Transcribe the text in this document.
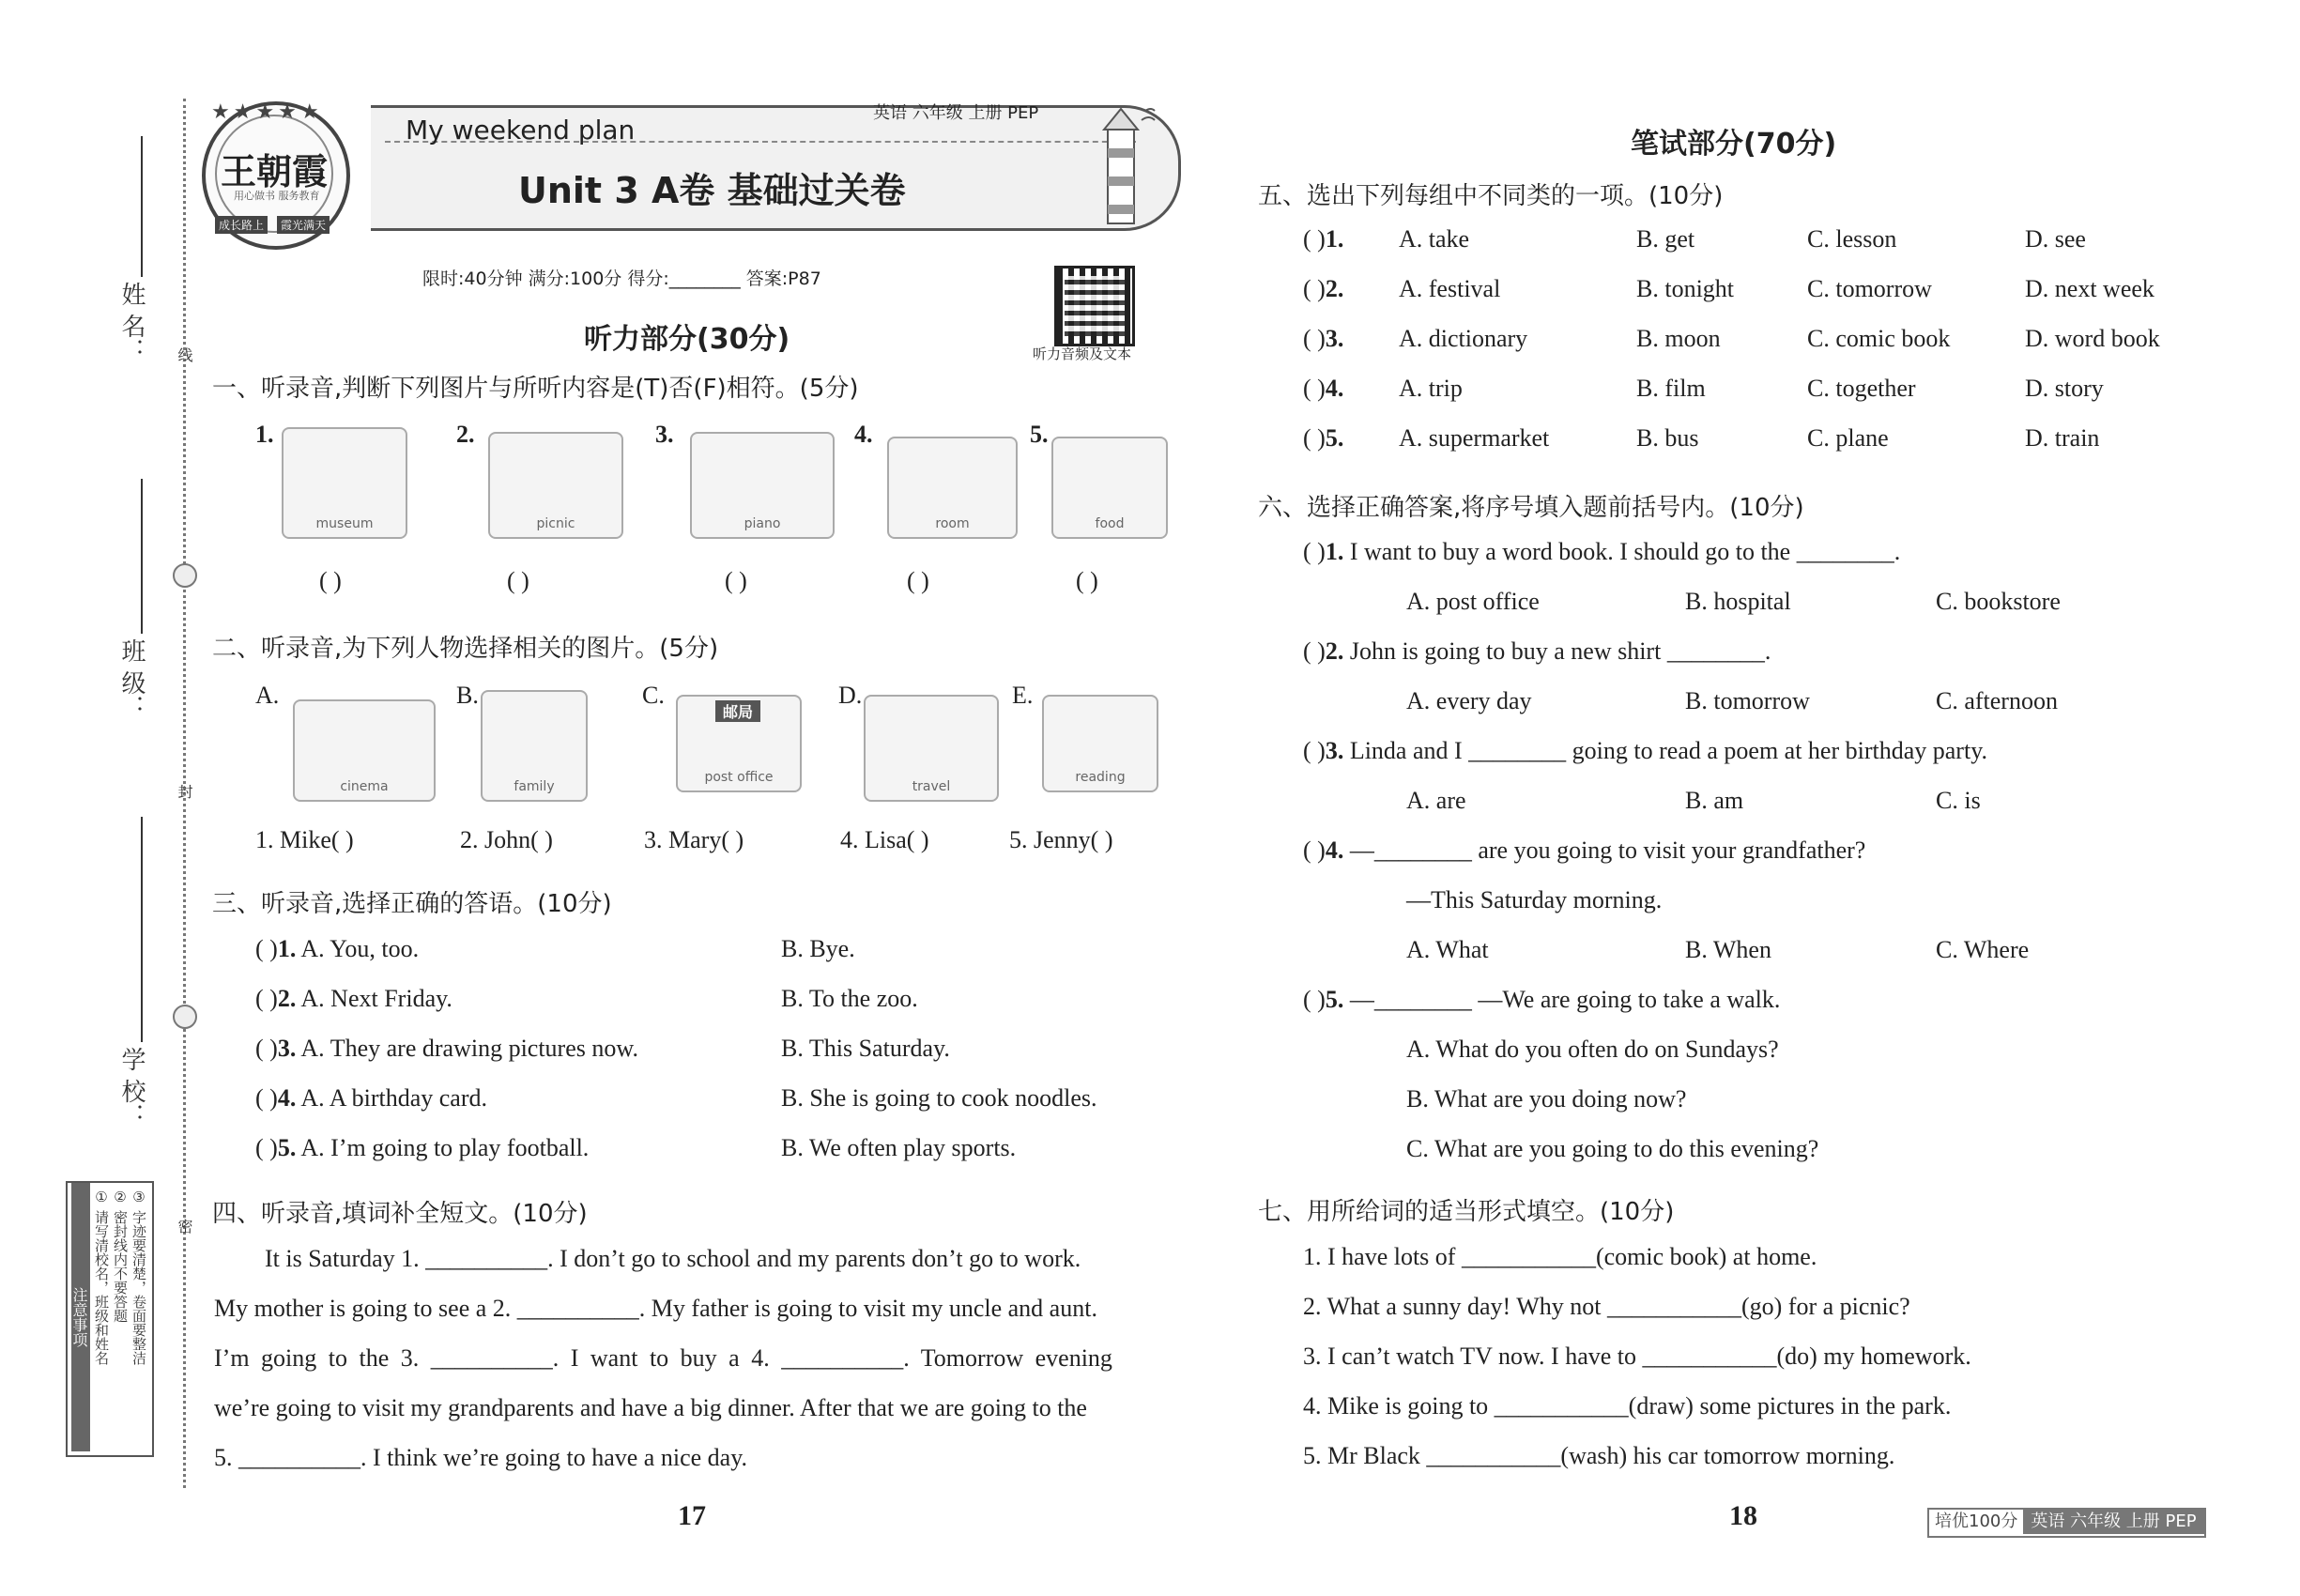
姓 名：
班 级：
学 校：
线
封
密
注意事项 ① 请写清校名，班级和姓名 ② 密封线内不要答题 ③ 字迹要清楚，卷面要整洁
★★★★★
王朝霞
用心做书 服务教育
成长路上	霞光满天
My weekend plan
英语 六年级 上册 PEP
Unit 3 A卷 基础过关卷
限时:40分钟 满分:100分 得分:________ 答案:P87
听力音频及文本
听力部分(30分)
一、听录音,判断下列图片与所听内容是(T)否(F)相符。(5分)
1.	2.	3.	4.	5.
museum	picnic	piano	room	food
( )	( )	( )	( )	( )
二、听录音,为下列人物选择相关的图片。(5分)
A.	B.	C.	D.	E.
cinema	family
邮局
post office
travel
reading
1. Mike( )	2. John( )	3. Mary( )	4. Lisa( )	5. Jenny( )
三、听录音,选择正确的答语。(10分)
( )1. A. You, too.	B. Bye.
( )2. A. Next Friday.	B. To the zoo.
( )3. A. They are drawing pictures now.	B. This Saturday.
( )4. A. A birthday card.	B. She is going to cook noodles.
( )5. A. I’m going to play football.	B. We often play sports.
四、听录音,填词补全短文。(10分)
It is Saturday 1. __________. I don’t go to school and my parents don’t go to work.
My mother is going to see a 2. __________. My father is going to visit my uncle and aunt.
I’m going to the 3. __________. I want to buy a 4. __________. Tomorrow evening
we’re going to visit my grandparents and have a big dinner. After that we are going to the
5. __________. I think we’re going to have a nice day.
17
笔试部分(70分)
五、选出下列每组中不同类的一项。(10分)
( )1. A. take	B. get	C. lesson	D. see
( )2. A. festival	B. tonight	C. tomorrow	D. next week
( )3. A. dictionary	B. moon	C. comic book	D. word book
( )4. A. trip	B. film	C. together	D. story
( )5. A. supermarket	B. bus	C. plane	D. train
六、选择正确答案,将序号填入题前括号内。(10分)
( )1. I want to buy a word book. I should go to the ________.
A. post office	B. hospital	C. bookstore
( )2. John is going to buy a new shirt ________.
A. every day	B. tomorrow	C. afternoon
( )3. Linda and I ________ going to read a poem at her birthday party.
A. are	B. am	C. is
( )4. —________ are you going to visit your grandfather?
—This Saturday morning.
A. What	B. When	C. Where
( )5. —________ —We are going to take a walk.
A. What do you often do on Sundays?
B. What are you doing now?
C. What are you going to do this evening?
七、用所给词的适当形式填空。(10分)
1. I have lots of ___________(comic book) at home.
2. What a sunny day! Why not ___________(go) for a picnic?
3. I can’t watch TV now. I have to ___________(do) my homework.
4. Mike is going to ___________(draw) some pictures in the park.
5. Mr Black ___________(wash) his car tomorrow morning.
18	培优100分 英语 六年级 上册 PEP
